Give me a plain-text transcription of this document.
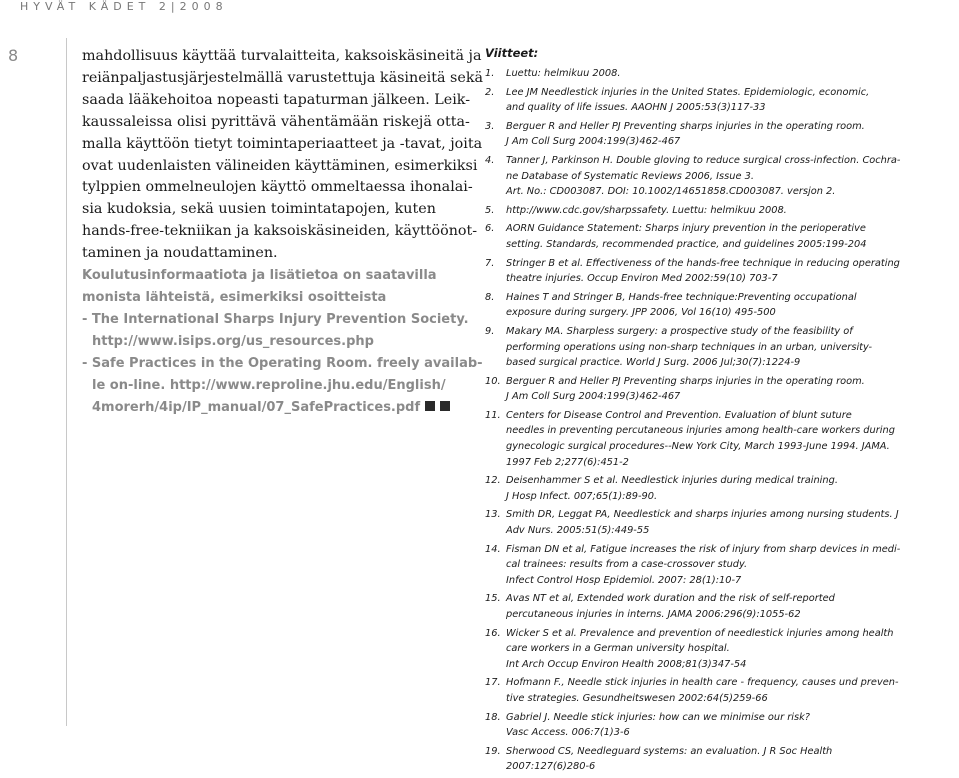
HYVÄT KÄDET 2|2008
8	mahdollisuus käyttää turvalaitteita, kaksoiskäsineitä ja
reiänpaljastusjärjestelmällä varustettuja käsineitä sekä
saada lääkehoitoa nopeasti tapaturman jälkeen. Leik-
kaussaleissa olisi pyrittävä vähentämään riskejä otta-
malla käyttöön tietyt toimintaperiaatteet ja -tavat, joita
ovat uudenlaisten välineiden käyttäminen, esimerkiksi
tylppien ommelneulojen käyttö ommeltaessa ihonalai-
sia kudoksia, sekä uusien toimintatapojen, kuten
hands-free-tekniikan ja kaksoiskäsineiden, käyttöönot-
taminen ja noudattaminen.

Koulutusinformaatiota ja lisätietoa on saatavilla
monista lähteistä, esimerkiksi osoitteista
- The International Sharps Injury Prevention Society.
http://www.isips.org/us_resources.php
- Safe Practices in the Operating Room. freely availab-
le on-line. http://www.reproline.jhu.edu/English/
4morerh/4ip/IP_manual/07_SafePractices.pdf

Viitteet:
1. Luettu: helmikuu 2008.
2. Lee JM Needlestick injuries in the United States. Epidemiologic, economic,
and quality of life issues. AAOHN J 2005:53(3)117-33
3. Berguer R and Heller PJ Preventing sharps injuries in the operating room.
J Am Coll Surg 2004:199(3)462-467
4. Tanner J, Parkinson H. Double gloving to reduce surgical cross-infection. Cochra-
ne Database of Systematic Reviews 2006, Issue 3.
Art. No.: CD003087. DOI: 10.1002/14651858.CD003087. versjon 2.
5. http://www.cdc.gov/sharpssafety. Luettu: helmikuu 2008.
6. AORN Guidance Statement: Sharps injury prevention in the perioperative
setting. Standards, recommended practice, and guidelines 2005:199-204
7. Stringer B et al. Effectiveness of the hands-free technique in reducing operating
theatre injuries. Occup Environ Med 2002:59(10) 703-7
8. Haines T and Stringer B, Hands-free technique:Preventing occupational
exposure during surgery. JPP 2006, Vol 16(10) 495-500
9. Makary MA. Sharpless surgery: a prospective study of the feasibility of
performing operations using non-sharp techniques in an urban, university-
based surgical practice. World J Surg. 2006 Jul;30(7):1224-9
10. Berguer R and Heller PJ Preventing sharps injuries in the operating room.
J Am Coll Surg 2004:199(3)462-467
11. Centers for Disease Control and Prevention. Evaluation of blunt suture
needles in preventing percutaneous injuries among health-care workers during
gynecologic surgical procedures--New York City, March 1993-June 1994. JAMA.
1997 Feb 2;277(6):451-2
12. Deisenhammer S et al. Needlestick injuries during medical training.
J Hosp Infect. 007;65(1):89-90.
13. Smith DR, Leggat PA, Needlestick and sharps injuries among nursing students. J
Adv Nurs. 2005:51(5):449-55
14. Fisman DN et al, Fatigue increases the risk of injury from sharp devices in medi-
cal trainees: results from a case-crossover study.
Infect Control Hosp Epidemiol. 2007: 28(1):10-7
15. Avas NT et al, Extended work duration and the risk of self-reported
percutaneous injuries in interns. JAMA 2006:296(9):1055-62
16. Wicker S et al. Prevalence and prevention of needlestick injuries among health
care workers in a German university hospital.
Int Arch Occup Environ Health 2008;81(3)347-54
17. Hofmann F., Needle stick injuries in health care - frequency, causes und preven-
tive strategies. Gesundheitswesen 2002:64(5)259-66
18. Gabriel J. Needle stick injuries: how can we minimise our risk?
Vasc Access. 006:7(1)3-6
19. Sherwood CS, Needleguard systems: an evaluation. J R Soc Health
2007:127(6)280-6
